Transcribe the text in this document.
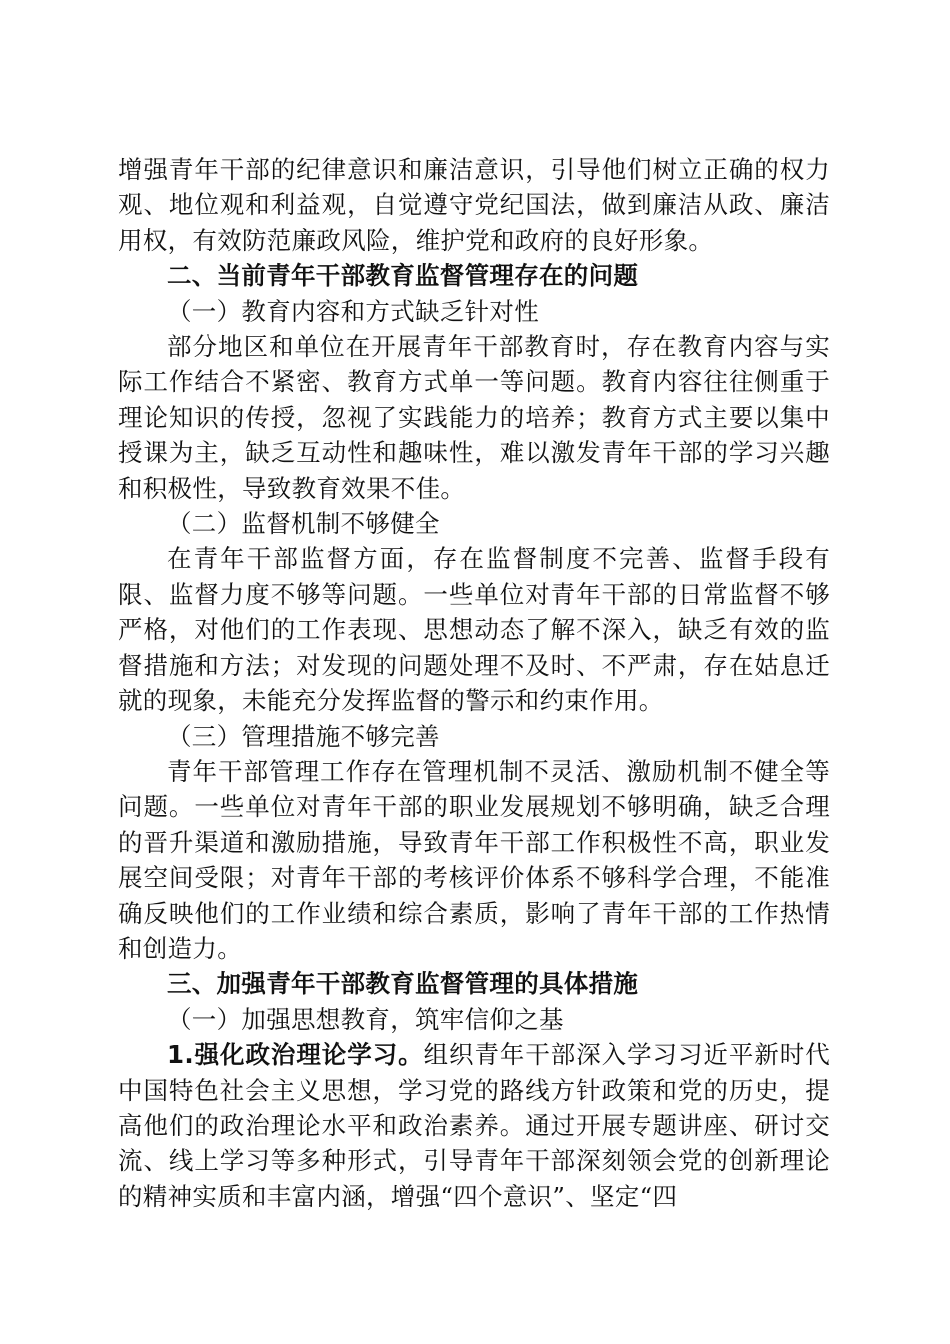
增强青年干部的纪律意识和廉洁意识，引导他们树立正确的权力观、地位观和利益观，自觉遵守党纪国法，做到廉洁从政、廉洁用权，有效防范廉政风险，维护党和政府的良好形象。

二、当前青年干部教育监督管理存在的问题

（一）教育内容和方式缺乏针对性

部分地区和单位在开展青年干部教育时，存在教育内容与实际工作结合不紧密、教育方式单一等问题。教育内容往往侧重于理论知识的传授，忽视了实践能力的培养；教育方式主要以集中授课为主，缺乏互动性和趣味性，难以激发青年干部的学习兴趣和积极性，导致教育效果不佳。

（二）监督机制不够健全

在青年干部监督方面，存在监督制度不完善、监督手段有限、监督力度不够等问题。一些单位对青年干部的日常监督不够严格，对他们的工作表现、思想动态了解不深入，缺乏有效的监督措施和方法；对发现的问题处理不及时、不严肃，存在姑息迁就的现象，未能充分发挥监督的警示和约束作用。

（三）管理措施不够完善

青年干部管理工作存在管理机制不灵活、激励机制不健全等问题。一些单位对青年干部的职业发展规划不够明确，缺乏合理的晋升渠道和激励措施，导致青年干部工作积极性不高，职业发展空间受限；对青年干部的考核评价体系不够科学合理，不能准确反映他们的工作业绩和综合素质，影响了青年干部的工作热情和创造力。

三、加强青年干部教育监督管理的具体措施

（一）加强思想教育，筑牢信仰之基

1.强化政治理论学习。组织青年干部深入学习习近平新时代中国特色社会主义思想，学习党的路线方针政策和党的历史，提高他们的政治理论水平和政治素养。通过开展专题讲座、研讨交流、线上学习等多种形式，引导青年干部深刻领会党的创新理论的精神实质和丰富内涵，增强“四个意识”、坚定“四
